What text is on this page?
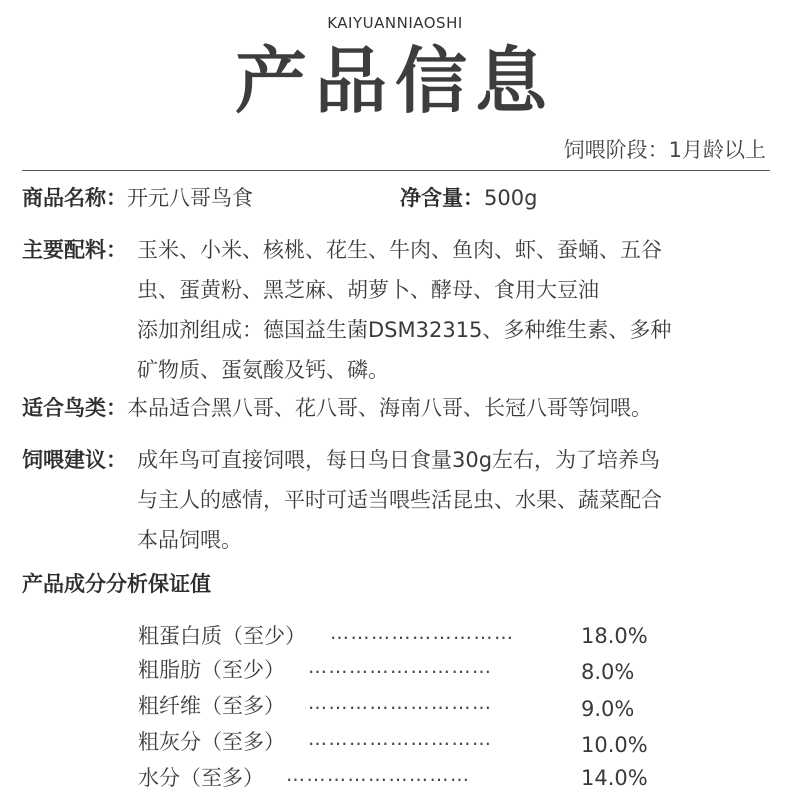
KAIYUANNIAOSHI
产品信息
饲喂阶段：1月龄以上
商品名称：开元八哥鸟食	净含量：500g
主要配料： 玉米、小米、核桃、花生、牛肉、鱼肉、虾、蚕蛹、五谷
虫、蛋黄粉、黑芝麻、胡萝卜、酵母、食用大豆油
添加剂组成：德国益生菌DSM32315、多种维生素、多种
矿物质、蛋氨酸及钙、磷。
适合鸟类：本品适合黑八哥、花八哥、海南八哥、长冠八哥等饲喂。
饲喂建议： 成年鸟可直接饲喂，每日鸟日食量30g左右，为了培养鸟
与主人的感情，平时可适当喂些活昆虫、水果、蔬菜配合
本品饲喂。
产品成分分析保证值
粗蛋白质（至少） ………………………	18.0%
粗脂肪（至少） ………………………	8.0%
粗纤维（至多） ………………………	9.0%
粗灰分（至多） ………………………	10.0%
水分（至多） ………………………	14.0%
